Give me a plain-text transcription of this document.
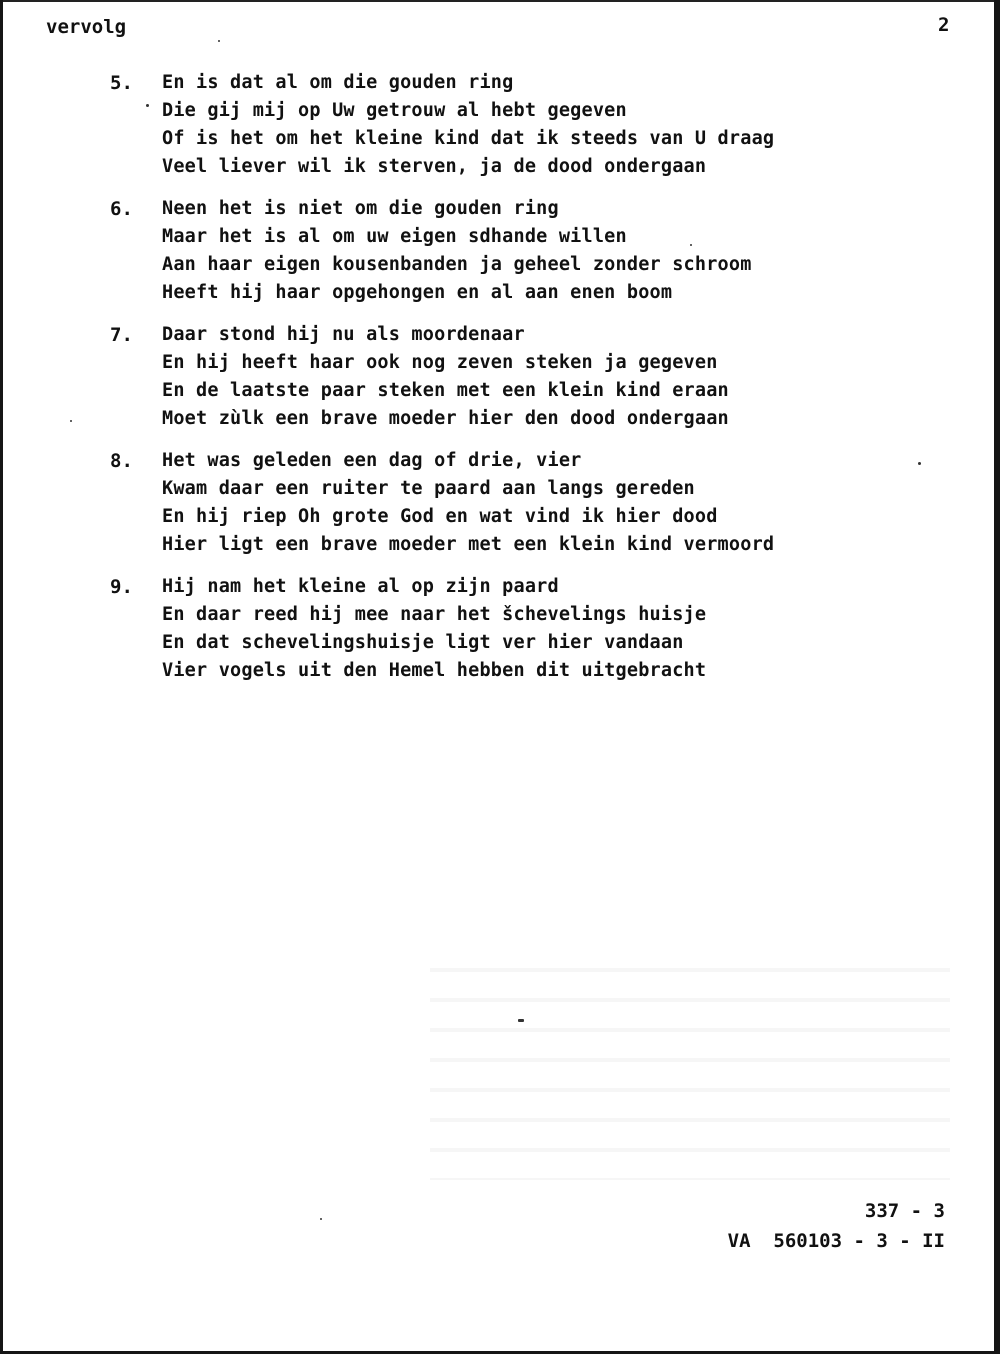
vervolg	2
5. En is dat al om die gouden ring
Die gij mij op Uw getrouw al hebt gegeven
Of is het om het kleine kind dat ik steeds van U draag
Veel liever wil ik sterven, ja de dood ondergaan
6. Neen het is niet om die gouden ring
Maar het is al om uw eigen sdhande willen
Aan haar eigen kousenbanden ja geheel zonder schroom
Heeft hij haar opgehongen en al aan enen boom
7. Daar stond hij nu als moordenaar
En hij heeft haar ook nog zeven steken ja gegeven
En de laatste paar steken met een klein kind eraan
Moet zùlk een brave moeder hier den dood ondergaan
8. Het was geleden een dag of drie, vier
Kwam daar een ruiter te paard aan langs gereden
En hij riep Oh grote God en wat vind ik hier dood
Hier ligt een brave moeder met een klein kind vermoord
9. Hij nam het kleine al op zijn paard
En daar reed hij mee naar het šchevelings huisje
En dat schevelingshuisje ligt ver hier vandaan
Vier vogels uit den Hemel hebben dit uitgebracht
337 - 3
VA  560103 - 3 - II
